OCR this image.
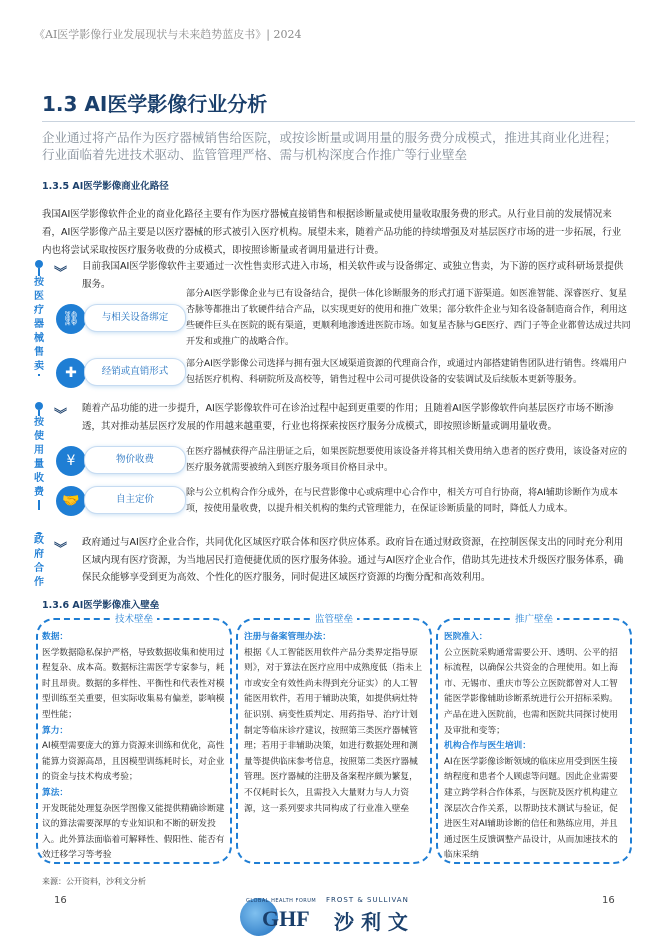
《AI医学影像行业发展现状与未来趋势蓝皮书》| 2024
1.3 AI医学影像行业分析
企业通过将产品作为医疗器械销售给医院，或按诊断量或调用量的服务费分成模式，推进其商业化进程；行业面临着先进技术驱动、监管管理严格、需与机构深度合作推广等行业壁垒
1.3.5 AI医学影像商业化路径
我国AI医学影像软件企业的商业化路径主要有作为医疗器械直接销售和根据诊断量或使用量收取服务费的形式。从行业目前的发展情况来看，AI医学影像产品主要是以医疗器械的形式被引入医疗机构。展望未来，随着产品功能的持续增强及对基层医疗市场的进一步拓展，行业内也将尝试采取按医疗服务收费的分成模式，即按照诊断量或者调用量进行计费。
按医疗器械售卖
︾ 目前我国AI医学影像软件主要通过一次性售卖形式进入市场，相关软件或与设备绑定、或独立售卖，为下游的医疗或科研场景提供服务。
⛓	与相关设备绑定
部分AI医学影像企业与已有设备结合，提供一体化诊断服务的形式打通下游渠道。如医准智能、深睿医疗、复星杏脉等都推出了软硬件结合产品，以实现更好的使用和推广效果；部分软件企业与知名设备制造商合作，利用这些硬件巨头在医院的既有渠道，更顺利地渗透进医院市场。如复星杏脉与GE医疗、西门子等企业都曾达成过共同开发和或推广的战略合作。
✚	经销或直销形式
部分AI医学影像公司选择与拥有强大区域渠道资源的代理商合作，或通过内部搭建销售团队进行销售。终端用户包括医疗机构、科研院所及高校等，销售过程中公司可提供设备的安装调试及后续版本更新等服务。
按使用量收费
︾ 随着产品功能的进一步提升，AI医学影像软件可在诊治过程中起到更重要的作用；且随着AI医学影像软件向基层医疗市场不断渗透，其对推动基层医疗发展的作用越来越重要，行业也将探索按医疗服务分成模式，即按照诊断量或调用量收费。
¥	物价收费
在医疗器械获得产品注册证之后，如果医院想要使用该设备并将其相关费用纳入患者的医疗费用，该设备对应的医疗服务就需要被纳入到医疗服务项目价格目录中。
🤝	自主定价
除与公立机构合作分成外，在与民营影像中心或病理中心合作中，相关方可自行协商，将AI辅助诊断作为成本项，按使用量收费，以提升相关机构的集约式管理能力，在保证诊断质量的同时，降低人力成本。
政府合作
︾ 政府通过与AI医疗企业合作，共同优化区域医疗联合体和医疗供应体系。政府旨在通过财政资源，在控制医保支出的同时充分利用区域内现有医疗资源，为当地居民打造便捷优质的医疗服务体验。通过与AI医疗企业合作，借助其先进技术升级医疗服务体系，确保民众能够享受到更为高效、个性化的医疗服务，同时促进区域医疗资源的均衡分配和高效利用。
1.3.6 AI医学影像准入壁垒
技术壁垒
数据：
医学数据隐私保护严格，导致数据收集和使用过程复杂、成本高。数据标注需医学专家参与，耗时且昂贵。数据的多样性、平衡性和代表性对模型训练至关重要，但实际收集易有偏差，影响模型性能；
算力：
AI模型需要庞大的算力资源来训练和优化，高性能算力资源高昂，且因模型训练耗时长，对企业的资金与技术构成考验；
算法：
开发既能处理复杂医学图像又能提供精确诊断建议的算法需要深厚的专业知识和不断的研发投入。此外算法面临着可解释性、假阳性、能否有效迁移学习等考验
监管壁垒
注册与备案管理办法：
根据《人工智能医用软件产品分类界定指导原则》，对于算法在医疗应用中成熟度低（指未上市或安全有效性尚未得到充分证实）的人工智能医用软件，若用于辅助决策，如提供病灶特征识别、病变性质判定、用药指导、治疗计划制定等临床诊疗建议，按照第三类医疗器械管理；若用于非辅助决策，如进行数据处理和测量等提供临床参考信息，按照第二类医疗器械管理。医疗器械的注册及备案程序颇为繁复，不仅耗时长久，且需投入大量财力与人力资源，这一系列要求共同构成了行业准入壁垒
推广壁垒
医院准入：
公立医院采购通常需要公开、透明、公平的招标流程，以确保公共资金的合理使用。如上海市、无锡市、重庆市等公立医院都曾对人工智能医学影像辅助诊断系统进行公开招标采购。产品在进入医院前，也需和医院共同探讨使用及审批和变等；
机构合作与医生培训：
AI在医学影像诊断领域的临床应用受到医生接纳程度和患者个人顾虑等问题。因此企业需要建立跨学科合作体系，与医院及医疗机构建立深层次合作关系，以帮助技术测试与验证，促进医生对AI辅助诊断的信任和熟练应用，并且通过医生反馈调整产品设计，从而加速技术的临床采纳
来源：公开资料，沙利文分析
16	16
GLOBAL HEALTH FORUM
GHF
FROST & SULLIVAN
沙 利 文
